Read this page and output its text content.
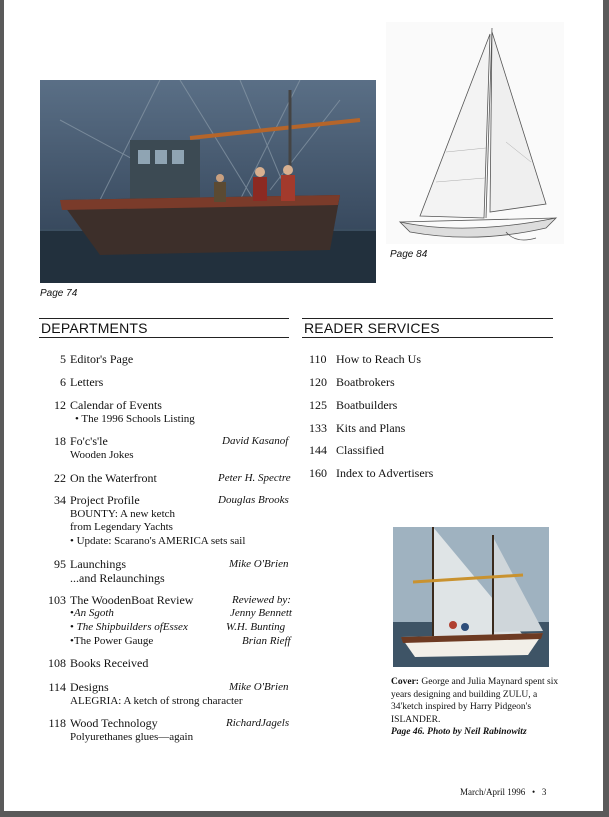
Page 74
Page 84
DEPARTMENTS	READER SERVICES
5 Editor's Page
6 Letters
12 Calendar of Events
• The 1996 Schools Listing
18 Fo'c's'le	David Kasanof
Wooden Jokes
22 On the Waterfront	Peter H. Spectre
34 Project Profile	Douglas Brooks
BOUNTY: A new ketch
from Legendary Yachts
• Update: Scarano's AMERICA sets sail
95 Launchings	Mike O'Brien
...and Relaunchings
103 The WoodenBoat Review	Reviewed by:
•An Sgoth	Jenny Bennett
• The Shipbuilders ofEssex	W.H. Bunting
•The Power Gauge	Brian Rieff
108 Books Received
114 Designs	Mike O'Brien
ALEGRIA: A ketch of strong character
118 Wood Technology	RichardJagels
Polyurethanes glues—again
110 How to Reach Us
120 Boatbrokers
125 Boatbuilders
133 Kits and Plans
144 Classified
160 Index to Advertisers
Cover: George and Julia Maynard spent six years designing and building ZULU, a 34'ketch inspired by Harry Pidgeon's ISLANDER.
Page 46. Photo by Neil Rabinowitz
March/April 1996 • 3
